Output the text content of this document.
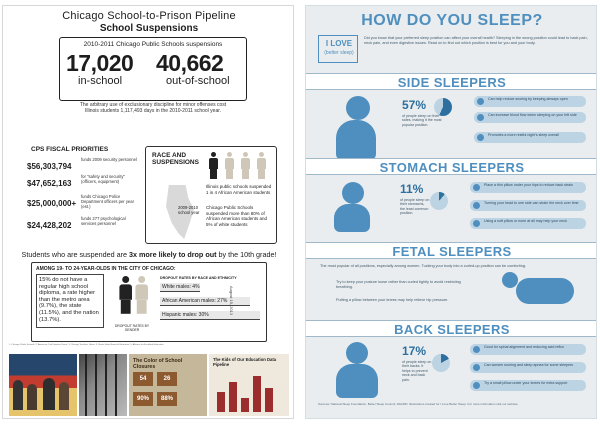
Chicago School-to-Prison Pipeline
School Suspensions
2010-2011 Chicago Public Schools suspensions
17,020 40,662
in-school	out-of-school
The arbitrary use of exclusionary discipline for minor offenses cost
Illinois students 1,117,493 days in the 2010-2011 school year.
CPS FISCAL PRIORITIES
$56,303,794
funds 2009 security personnel
$47,652,163
for "safety and security" (officers, equipment)
$25,000,000+
funds Chicago Police Department officers per year (est.)
$24,428,202
funds 277 psychological services personnel
RACE AND SUSPENSIONS
Illinois public schools suspended 1 in 4 African American students
2009-2010 school year
Chicago Public Schools suspended more than 80% of African American students and 5% of white students
Students who are suspended are 3x more likely to drop out by the 10th grade!
AMONG 19- TO 24-YEAR-OLDS IN THE CITY OF CHICAGO:
15% do not have a regular high school diploma, a rate higher than the metro area (9.7%), the state (11.5%), and the nation (13.7%).
DROPOUT RATES BY GENDER
DROPOUT RATES BY RACE AND ETHNICITY
White males: 4%
African American males: 27%
Hispanic males: 30%	August 15, 2013
1. Chicago Public Schools. 2. American Civil Liberties Union. 3. Chicago Teachers Union. 4. Illinois State Board of Education. 5. Alliance for Excellent Education.
The Color of School Closures
54	26
90%	88%
The Kids of Our Education Data Pipeline
HOW DO YOU SLEEP?
I LOVE
(better sleep)
Did you know that your preferred sleep position can affect your overall health? Sleeping in the wrong position could lead to back pain, neck pain, and even digestive issues. Read on to find out which position is best for you and your body.
SIDE SLEEPERS
57%
of people sleep on their sides, making it the most popular position.
Can help reduce snoring by keeping airways open
Can increase blood flow when sleeping on your left side
Promotes a more restful night's sleep overall
STOMACH SLEEPERS
11%
of people sleep on their stomachs, the least common position.
Place a thin pillow under your hips to reduce back strain
Turning your head to one side can strain the neck over time
Using a soft pillow or none at all may help your neck
FETAL SLEEPERS
The most popular of all positions, especially among women. Tucking your body into a curled-up position can be comforting.
Try to keep your posture loose rather than curled tightly to avoid restricting breathing.
Putting a pillow between your knees may help relieve hip pressure.
BACK SLEEPERS
17%
of people sleep on their backs. It helps to prevent neck and back pain.
Good for spinal alignment and reducing acid reflux
Can worsen snoring and sleep apnea for some sleepers
Try a small pillow under your knees for extra support
Sources: National Sleep Foundation, Better Sleep Council, WebMD. Illustrations created for I Love Better Sleep. For more information visit our website.
